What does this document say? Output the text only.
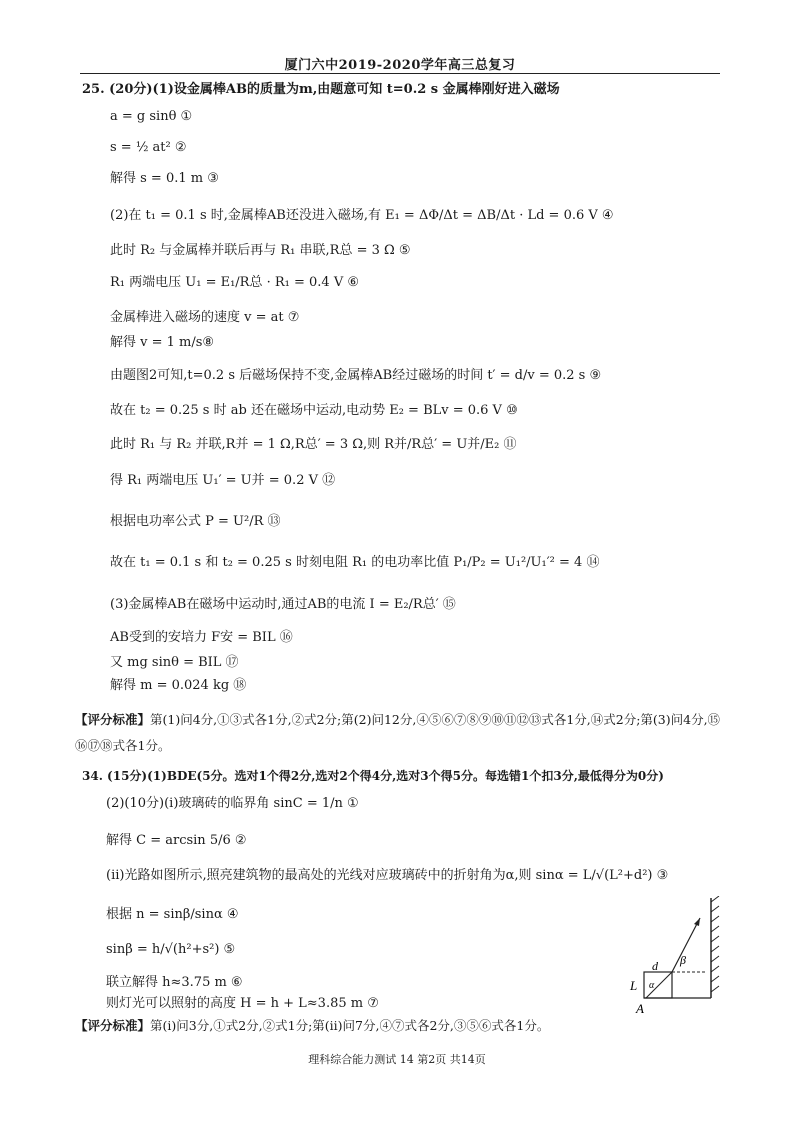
厦门六中2019-2020学年高三总复习
25. (20分)(1)设金属棒AB的质量为m,由题意可知 t=0.2 s 金属棒刚好进入磁场
a = g sinθ ①
s = ½ at² ②
解得 s = 0.1 m ③
(2)在 t₁ = 0.1 s 时,金属棒AB还没进入磁场,有 E₁ = ΔΦ/Δt = ΔB/Δt · Ld = 0.6 V ④
此时 R₂ 与金属棒并联后再与 R₁ 串联,R总 = 3 Ω ⑤
R₁ 两端电压 U₁ = E₁/R总 · R₁ = 0.4 V ⑥
金属棒进入磁场的速度 v = at ⑦
解得 v = 1 m/s⑧
由题图2可知,t=0.2 s 后磁场保持不变,金属棒AB经过磁场的时间 t′ = d/v = 0.2 s ⑨
故在 t₂ = 0.25 s 时 ab 还在磁场中运动,电动势 E₂ = BLv = 0.6 V ⑩
此时 R₁ 与 R₂ 并联,R并 = 1 Ω,R总′ = 3 Ω,则 R并/R总′ = U并/E₂ ⑪
得 R₁ 两端电压 U₁′ = U并 = 0.2 V ⑫
根据电功率公式 P = U²/R ⑬
故在 t₁ = 0.1 s 和 t₂ = 0.25 s 时刻电阻 R₁ 的电功率比值 P₁/P₂ = U₁²/U₁′² = 4 ⑭
(3)金属棒AB在磁场中运动时,通过AB的电流 I = E₂/R总′ ⑮
AB受到的安培力 F安 = BIL ⑯
又 mg sinθ = BIL ⑰
解得 m = 0.024 kg ⑱
【评分标准】第(1)问4分,①③式各1分,②式2分;第(2)问12分,④⑤⑥⑦⑧⑨⑩⑪⑫⑬式各1分,⑭式2分;第(3)问4分,⑮
⑯⑰⑱式各1分。
34. (15分)(1)BDE(5分。选对1个得2分,选对2个得4分,选对3个得5分。每选错1个扣3分,最低得分为0分)
(2)(10分)(ⅰ)玻璃砖的临界角 sinC = 1/n ①
解得 C = arcsin 5/6 ②
(ⅱ)光路如图所示,照亮建筑物的最高处的光线对应玻璃砖中的折射角为α,则 sinα = L/√(L²+d²) ③
根据 n = sinβ/sinα ④
sinβ = h/√(h²+s²) ⑤
联立解得 h≈3.75 m ⑥
则灯光可以照射的高度 H = h + L≈3.85 m ⑦
【评分标准】第(ⅰ)问3分,①式2分,②式1分;第(ⅱ)问7分,④⑦式各2分,③⑤⑥式各1分。
L
d
α
β
A
理科综合能力测试 14 第2页 共14页
